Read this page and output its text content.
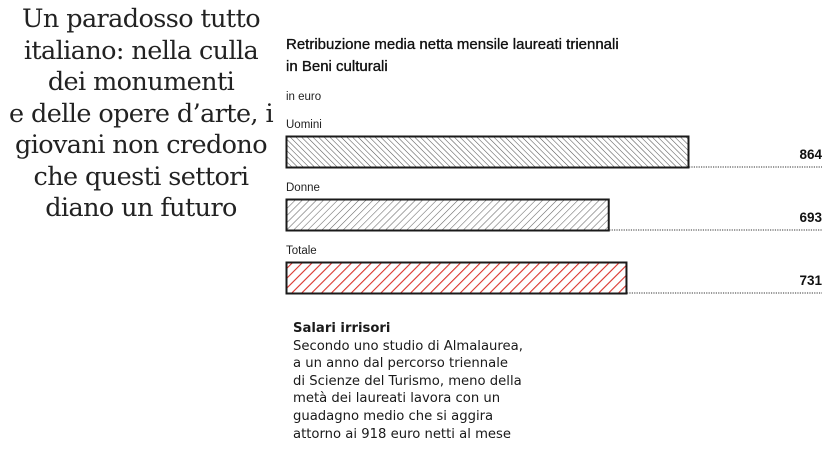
Un paradosso tutto
italiano: nella culla
dei monumenti
e delle opere d’arte, i
giovani non credono
che questi settori
diano un futuro
Retribuzione media netta mensile laureati triennali
in Beni culturali
in euro
Uomini
864
Donne
693
Totale
731
Salari irrisori
Secondo uno studio di Almalaurea,
a un anno dal percorso triennale
di Scienze del Turismo, meno della
metà dei laureati lavora con un
guadagno medio che si aggira
attorno ai 918 euro netti al mese
